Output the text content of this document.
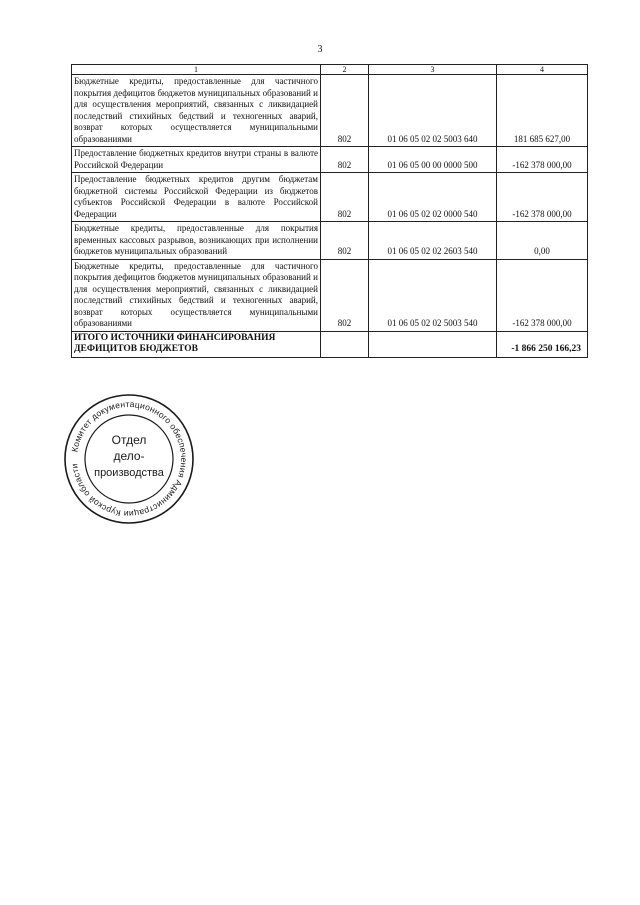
3
1	2	3	4
Бюджетные кредиты, предоставленные для частичного покрытия дефицитов бюджетов муниципальных образований и для осуществления мероприятий, связанных с ликвидацией последствий стихийных бедствий и техногенных аварий, возврат которых осуществляется муниципальными образованиями	802	01 06 05 02 02 5003 640	181 685 627,00
Предоставление бюджетных кредитов внутри страны в валюте Российской Федерации	802	01 06 05 00 00 0000 500	-162 378 000,00
Предоставление бюджетных кредитов другим бюджетам бюджетной системы Российской Федерации из бюджетов субъектов Российской Федерации в валюте Российской Федерации	802	01 06 05 02 02 0000 540	-162 378 000,00
Бюджетные кредиты, предоставленные для покрытия временных кассовых разрывов, возникающих при исполнении бюджетов муниципальных образований	802	01 06 05 02 02 2603 540	0,00
Бюджетные кредиты, предоставленные для частичного покрытия дефицитов бюджетов муниципальных образований и для осуществления мероприятий, связанных с ликвидацией последствий стихийных бедствий и техногенных аварий, возврат которых осуществляется муниципальными образованиями	802	01 06 05 02 02 5003 540	-162 378 000,00
ИТОГО ИСТОЧНИКИ ФИНАНСИРОВАНИЯ ДЕФИЦИТОВ БЮДЖЕТОВ			-1 866 250 166,23
Комитет документационного обеспечения Администрации Курской области
Отдел
дело-
производства
